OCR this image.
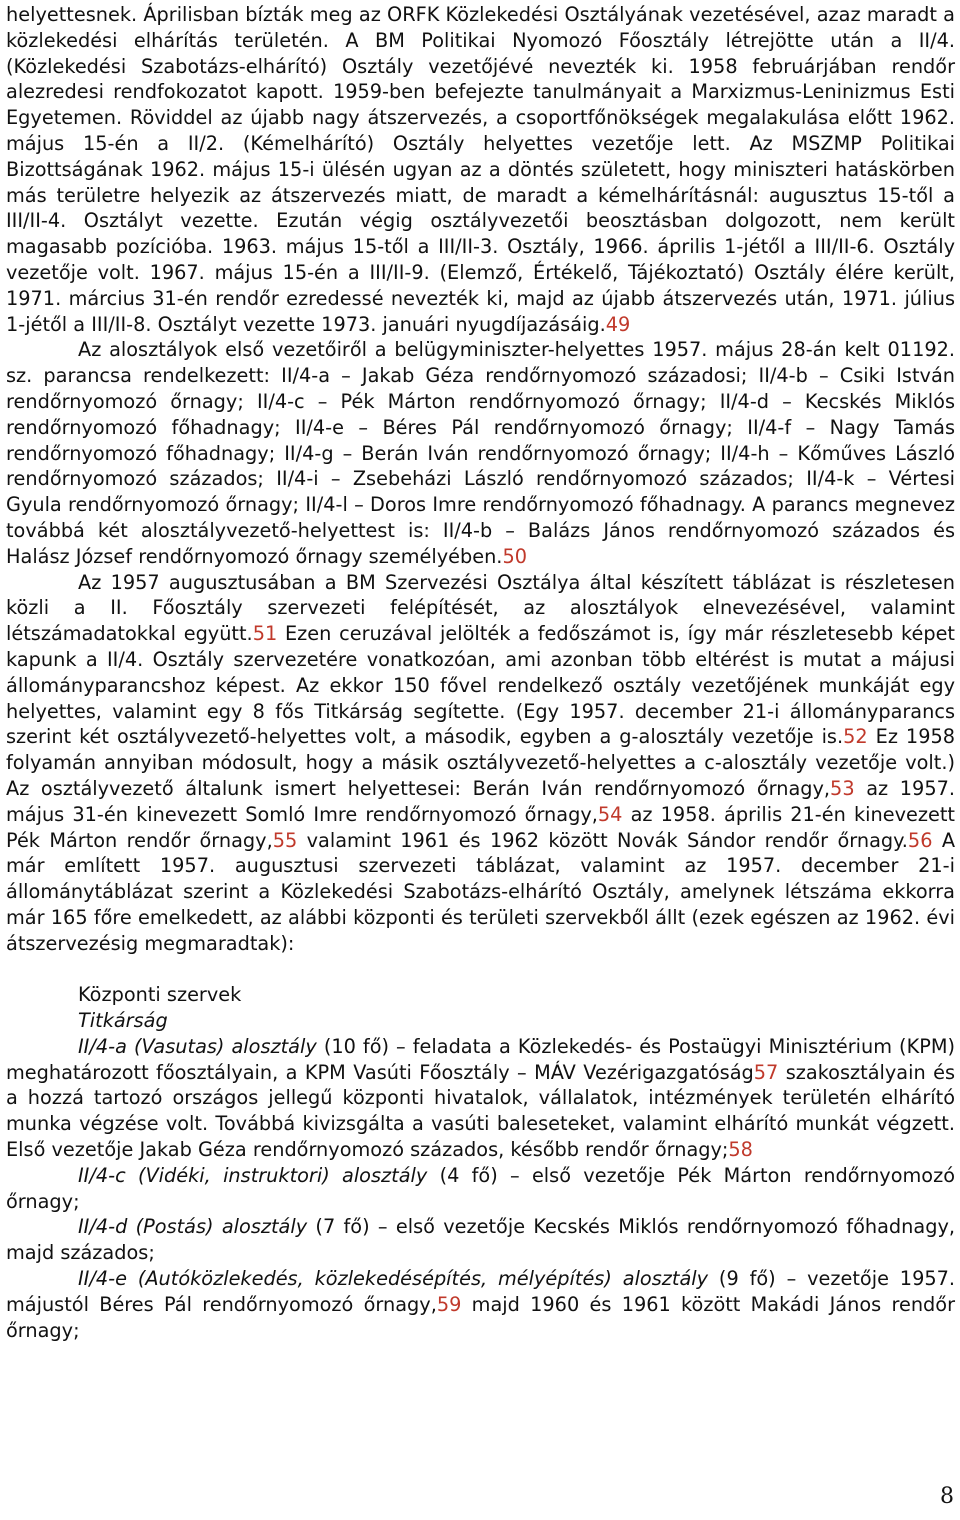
helyettesnek. Áprilisban bízták meg az ORFK Közlekedési Osztályának vezetésével, azaz maradt a közlekedési elhárítás területén. A BM Politikai Nyomozó Főosztály létrejötte után a II/4. (Közlekedési Szabotázs-elhárító) Osztály vezetőjévé nevezték ki. 1958 februárjában rendőr alezredesi rendfokozatot kapott. 1959-ben befejezte tanulmányait a Marxizmus-Leninizmus Esti Egyetemen. Röviddel az újabb nagy átszervezés, a csoportfőnökségek megalakulása előtt 1962. május 15-én a II/2. (Kémelhárító) Osztály helyettes vezetője lett. Az MSZMP Politikai Bizottságának 1962. május 15-i ülésén ugyan az a döntés született, hogy miniszteri hatáskörben más területre helyezik az átszervezés miatt, de maradt a kémelhárításnál: augusztus 15-től a III/II-4. Osztályt vezette. Ezután végig osztályvezetői beosztásban dolgozott, nem került magasabb pozícióba. 1963. május 15-től a III/II-3. Osztály, 1966. április 1-jétől a III/II-6. Osztály vezetője volt. 1967. május 15-én a III/II-9. (Elemző, Értékelő, Tájékoztató) Osztály élére került, 1971. március 31-én rendőr ezredessé nevezték ki, majd az újabb átszervezés után, 1971. július 1-jétől a III/II-8. Osztályt vezette 1973. januári nyugdíjazásáig.49

Az alosztályok első vezetőiről a belügyminiszter-helyettes 1957. május 28-án kelt 01192. sz. parancsa rendelkezett: II/4-a – Jakab Géza rendőrnyomozó századosi; II/4-b – Csiki István rendőrnyomozó őrnagy; II/4-c – Pék Márton rendőrnyomozó őrnagy; II/4-d – Kecskés Miklós rendőrnyomozó főhadnagy; II/4-e – Béres Pál rendőrnyomozó őrnagy; II/4-f – Nagy Tamás rendőrnyomozó főhadnagy; II/4-g – Berán Iván rendőrnyomozó őrnagy; II/4-h – Kőműves László rendőrnyomozó százados; II/4-i – Zsebeházi László rendőrnyomozó százados; II/4-k – Vértesi Gyula rendőrnyomozó őrnagy; II/4-l – Doros Imre rendőrnyomozó főhadnagy. A parancs megnevez továbbá két alosztályvezető-helyettest is: II/4-b – Balázs János rendőrnyomozó százados és Halász József rendőrnyomozó őrnagy személyében.50

Az 1957 augusztusában a BM Szervezési Osztálya által készített táblázat is részletesen közli a II. Főosztály szervezeti felépítését, az alosztályok elnevezésével, valamint létszámadatokkal együtt.51 Ezen ceruzával jelölték a fedőszámot is, így már részletesebb képet kapunk a II/4. Osztály szervezetére vonatkozóan, ami azonban több eltérést is mutat a májusi állományparancshoz képest. Az ekkor 150 fővel rendelkező osztály vezetőjének munkáját egy helyettes, valamint egy 8 fős Titkárság segítette. (Egy 1957. december 21-i állományparancs szerint két osztályvezető-helyettes volt, a második, egyben a g-alosztály vezetője is.52 Ez 1958 folyamán annyiban módosult, hogy a másik osztályvezető-helyettes a c-alosztály vezetője volt.) Az osztályvezető általunk ismert helyettesei: Berán Iván rendőrnyomozó őrnagy,53 az 1957. május 31-én kinevezett Somló Imre rendőrnyomozó őrnagy,54 az 1958. április 21-én kinevezett Pék Márton rendőr őrnagy,55 valamint 1961 és 1962 között Novák Sándor rendőr őrnagy.56 A már említett 1957. augusztusi szervezeti táblázat, valamint az 1957. december 21-i állománytáblázat szerint a Közlekedési Szabotázs-elhárító Osztály, amelynek létszáma ekkorra már 165 főre emelkedett, az alábbi központi és területi szervekből állt (ezek egészen az 1962. évi átszervezésig megmaradtak):

Központi szervek
Titkárság

II/4-a (Vasutas) alosztály (10 fő) – feladata a Közlekedés- és Postaügyi Minisztérium (KPM) meghatározott főosztályain, a KPM Vasúti Főosztály – MÁV Vezérigazgatóság57 szakosztályain és a hozzá tartozó országos jellegű központi hivatalok, vállalatok, intézmények területén elhárító munka végzése volt. Továbbá kivizsgálta a vasúti baleseteket, valamint elhárító munkát végzett. Első vezetője Jakab Géza rendőrnyomozó százados, később rendőr őrnagy;58

II/4-c (Vidéki, instruktori) alosztály (4 fő) – első vezetője Pék Márton rendőrnyomozó őrnagy;

II/4-d (Postás) alosztály (7 fő) – első vezetője Kecskés Miklós rendőrnyomozó főhadnagy, majd százados;

II/4-e (Autóközlekedés, közlekedésépítés, mélyépítés) alosztály (9 fő) – vezetője 1957. májustól Béres Pál rendőrnyomozó őrnagy,59 majd 1960 és 1961 között Makádi János rendőr őrnagy;

8
